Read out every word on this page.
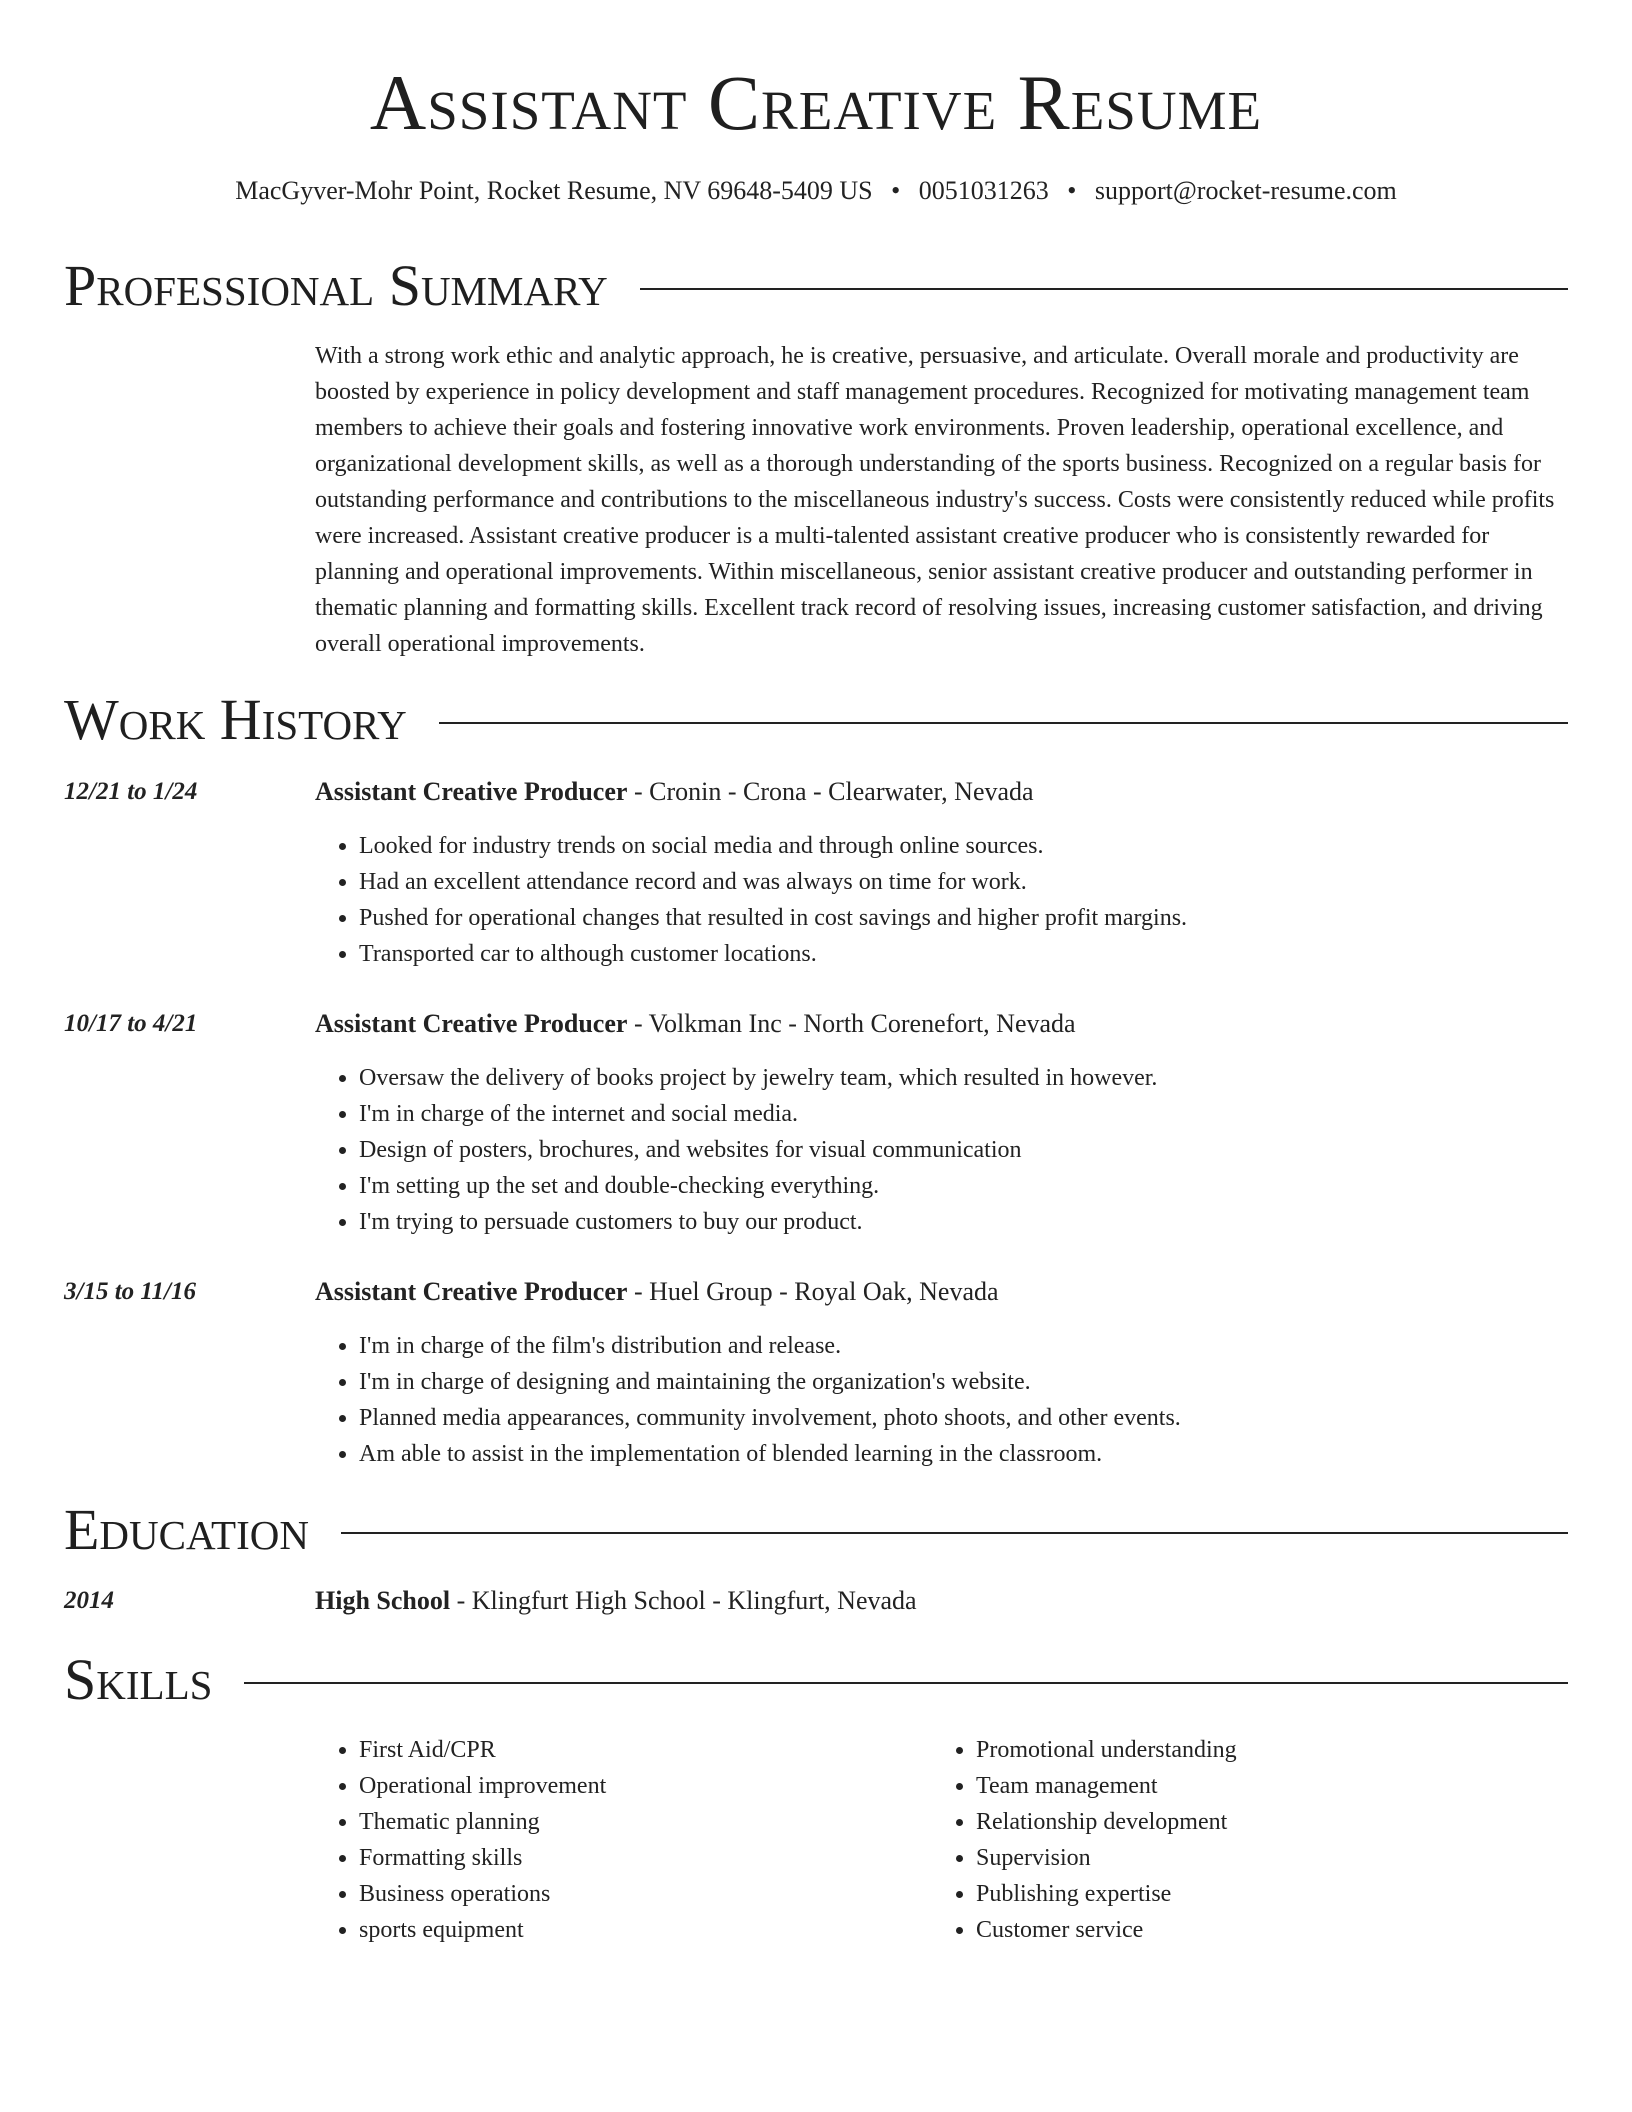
Assistant Creative Resume
MacGyver-Mohr Point, Rocket Resume, NV 69648-5409 US • 0051031263 • support@rocket-resume.com
Professional Summary

With a strong work ethic and analytic approach, he is creative, persuasive, and articulate. Overall morale and productivity are boosted by experience in policy development and staff management procedures. Recognized for motivating management team members to achieve their goals and fostering innovative work environments. Proven leadership, operational excellence, and organizational development skills, as well as a thorough understanding of the sports business. Recognized on a regular basis for outstanding performance and contributions to the miscellaneous industry's success. Costs were consistently reduced while profits were increased. Assistant creative producer is a multi-talented assistant creative producer who is consistently rewarded for planning and operational improvements. Within miscellaneous, senior assistant creative producer and outstanding performer in thematic planning and formatting skills. Excellent track record of resolving issues, increasing customer satisfaction, and driving overall operational improvements.

Work History
12/21 to 1/24	Assistant Creative Producer - Cronin - Crona - Clearwater, Nevada
• Looked for industry trends on social media and through online sources.
• Had an excellent attendance record and was always on time for work.
• Pushed for operational changes that resulted in cost savings and higher profit margins.
• Transported car to although customer locations.
10/17 to 4/21	Assistant Creative Producer - Volkman Inc - North Corenefort, Nevada
• Oversaw the delivery of books project by jewelry team, which resulted in however.
• I'm in charge of the internet and social media.
• Design of posters, brochures, and websites for visual communication
• I'm setting up the set and double-checking everything.
• I'm trying to persuade customers to buy our product.
3/15 to 11/16	Assistant Creative Producer - Huel Group - Royal Oak, Nevada
• I'm in charge of the film's distribution and release.
• I'm in charge of designing and maintaining the organization's website.
• Planned media appearances, community involvement, photo shoots, and other events.
• Am able to assist in the implementation of blended learning in the classroom.
Education
2014	High School - Klingfurt High School - Klingfurt, Nevada
Skills
• First Aid/CPR
• Operational improvement
• Thematic planning
• Formatting skills
• Business operations
• sports equipment
• Promotional understanding
• Team management
• Relationship development
• Supervision
• Publishing expertise
• Customer service
